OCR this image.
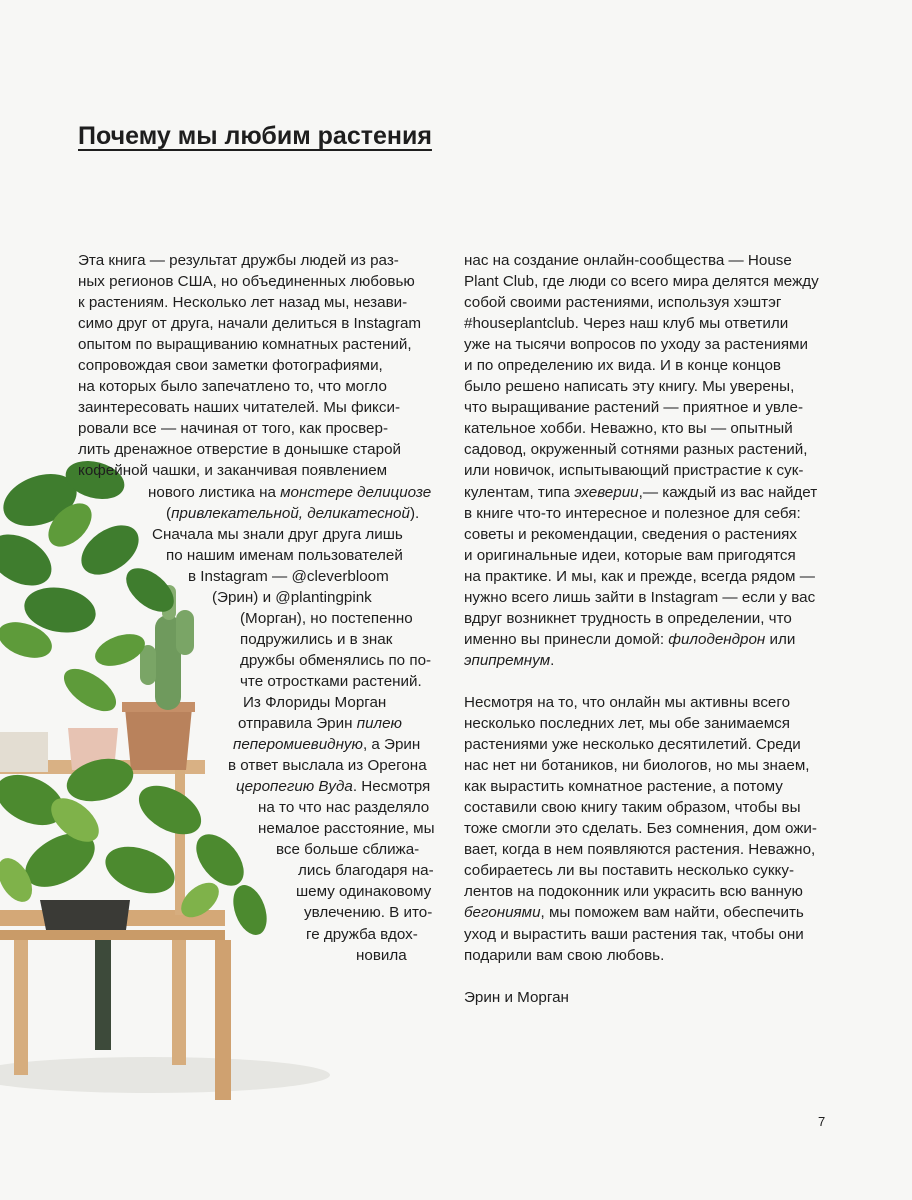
Почему мы любим растения
Эта книга — результат дружбы людей из раз-
ных регионов США, но объединенных любовью
к растениям. Несколько лет назад мы, незави-
симо друг от друга, начали делиться в Instagram
опытом по выращиванию комнатных растений,
сопровождая свои заметки фотографиями,
на которых было запечатлено то, что могло
заинтересовать наших читателей. Мы фикси-
ровали все — начиная от того, как просвер-
лить дренажное отверстие в донышке старой
кофейной чашки, и заканчивая появлением
нового листика на монстере делициозе
(привлекательной, деликатесной).
Сначала мы знали друг друга лишь
по нашим именам пользователей
в Instagram — @cleverbloom
(Эрин) и @plantingpink
(Морган), но постепенно
подружились и в знак
дружбы обменялись по по-
чте отростками растений.
Из Флориды Морган
отправила Эрин пилею
пеперомиевидную, а Эрин
в ответ выслала из Орегона
церопегию Вуда. Несмотря
на то что нас разделяло
немалое расстояние, мы
все больше сближа-
лись благодаря на-
шему одинаковому
увлечению. В ито-
ге дружба вдох-
новила
нас на создание онлайн-сообщества — House
Plant Club, где люди со всего мира делятся между
собой своими растениями, используя хэштэг
#houseplantclub. Через наш клуб мы ответили
уже на тысячи вопросов по уходу за растениями
и по определению их вида. И в конце концов
было решено написать эту книгу. Мы уверены,
что выращивание растений — приятное и увле-
кательное хобби. Неважно, кто вы — опытный
садовод, окруженный сотнями разных растений,
или новичок, испытывающий пристрастие к сук-
кулентам, типа эхеверии,— каждый из вас найдет
в книге что-то интересное и полезное для себя:
советы и рекомендации, сведения о растениях
и оригинальные идеи, которые вам пригодятся
на практике. И мы, как и прежде, всегда рядом —
нужно всего лишь зайти в Instagram — если у вас
вдруг возникнет трудность в определении, что
именно вы принесли домой: филодендрон или
эпипремнум.
Несмотря на то, что онлайн мы активны всего
несколько последних лет, мы обе занимаемся
растениями уже несколько десятилетий. Среди
нас нет ни ботаников, ни биологов, но мы знаем,
как вырастить комнатное растение, а потому
составили свою книгу таким образом, чтобы вы
тоже смогли это сделать. Без сомнения, дом ожи-
вает, когда в нем появляются растения. Неважно,
собираетесь ли вы поставить несколько сукку-
лентов на подоконник или украсить всю ванную
бегониями, мы поможем вам найти, обеспечить
уход и вырастить ваши растения так, чтобы они
подарили вам свою любовь.
Эрин и Морган
7
